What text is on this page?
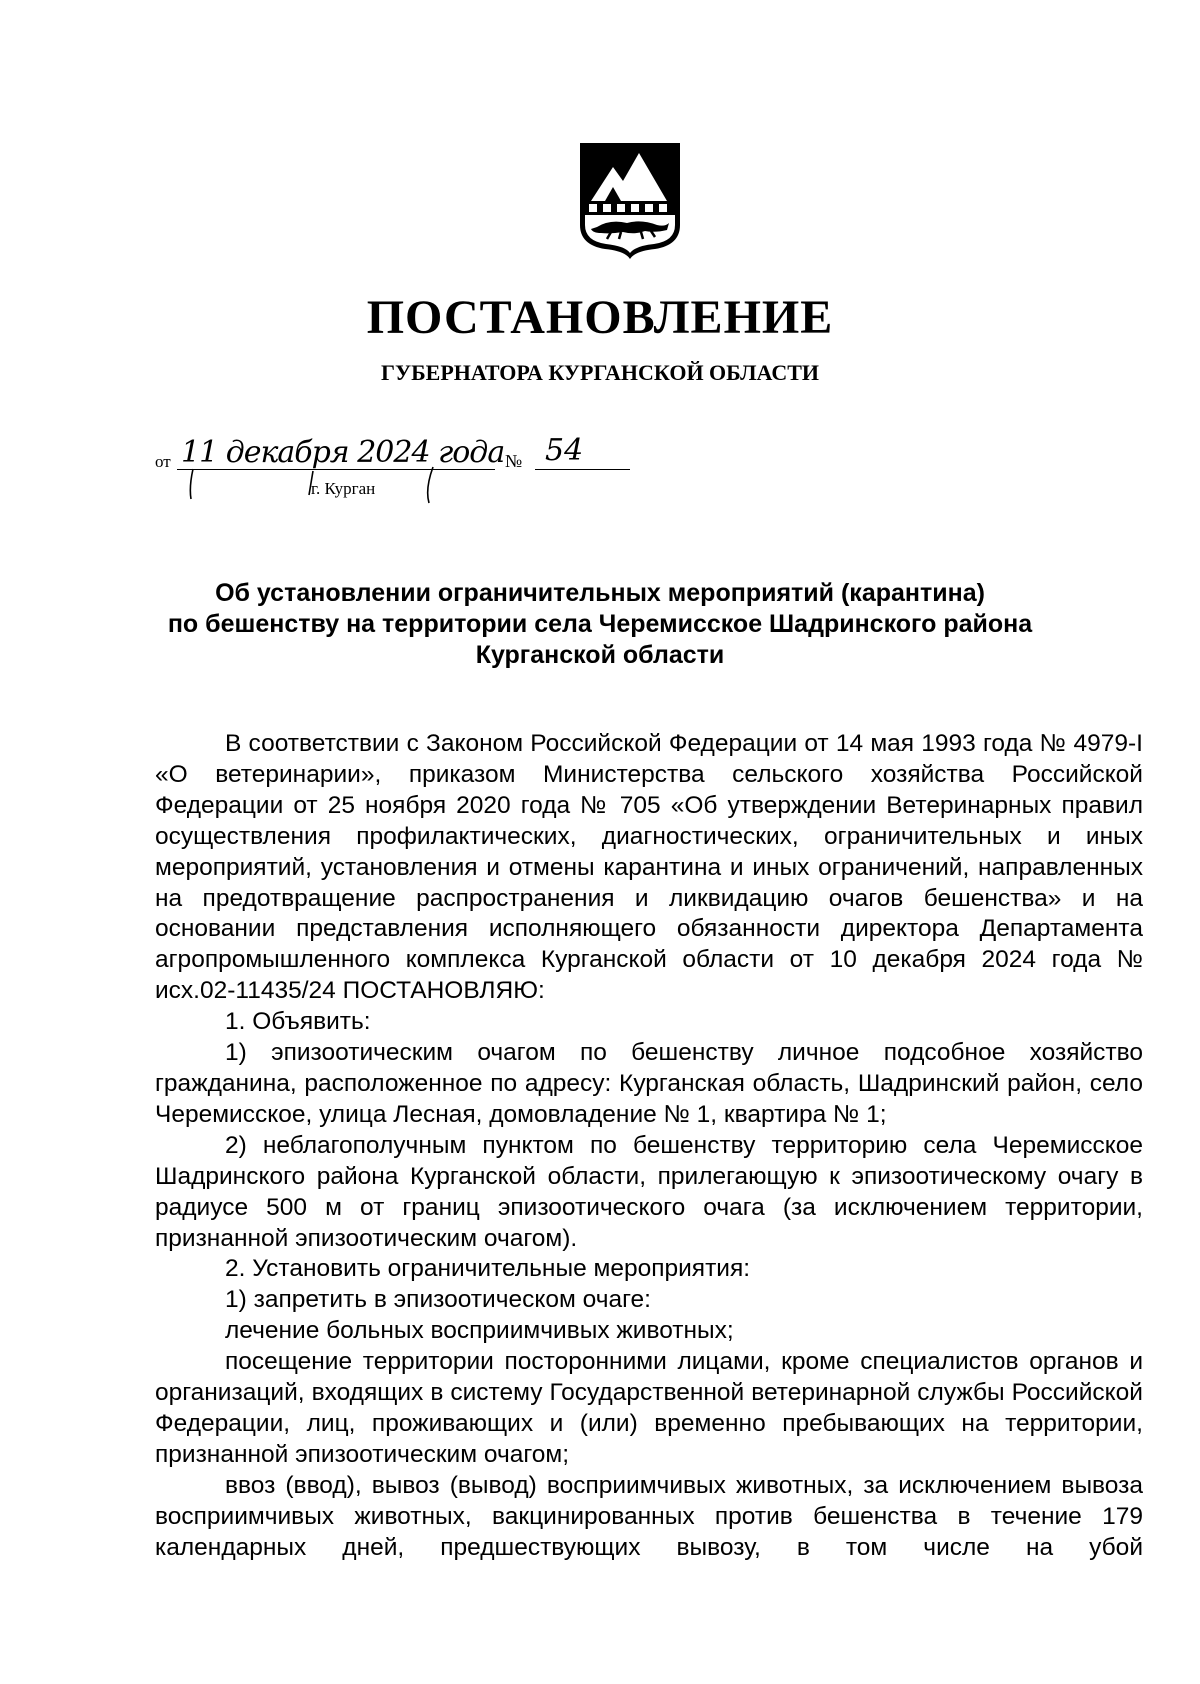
ПОСТАНОВЛЕНИЕ
ГУБЕРНАТОРА КУРГАНСКОЙ ОБЛАСТИ
от 11 декабря 2024 года № 54
г. Курган
Об установлении ограничительных мероприятий (карантина)
по бешенству на территории села Черемисское Шадринского района
Курганской области

В соответствии с Законом Российской Федерации от 14 мая 1993 года № 4979-I «О ветеринарии», приказом Министерства сельского хозяйства Российской Федерации от 25 ноября 2020 года № 705 «Об утверждении Ветеринарных правил осуществления профилактических, диагностических, ограничительных и иных мероприятий, установления и отмены карантина и иных ограничений, направленных на предотвращение распространения и ликвидацию очагов бешенства» и на основании представления исполняющего обязанности директора Департамента агропромышленного комплекса Курганской области от 10 декабря 2024 года № исх.02-11435/24 ПОСТАНОВЛЯЮ:

1. Объявить:

1) эпизоотическим очагом по бешенству личное подсобное хозяйство гражданина, расположенное по адресу: Курганская область, Шадринский район, село Черемисское, улица Лесная, домовладение № 1, квартира № 1;

2) неблагополучным пунктом по бешенству территорию села Черемисское Шадринского района Курганской области, прилегающую к эпизоотическому очагу в радиусе 500 м от границ эпизоотического очага (за исключением территории, признанной эпизоотическим очагом).

2. Установить ограничительные мероприятия:

1) запретить в эпизоотическом очаге:

лечение больных восприимчивых животных;

посещение территории посторонними лицами, кроме специалистов органов и организаций, входящих в систему Государственной ветеринарной службы Российской Федерации, лиц, проживающих и (или) временно пребывающих на территории, признанной эпизоотическим очагом;

ввоз (ввод), вывоз (вывод) восприимчивых животных, за исключением вывоза восприимчивых животных, вакцинированных против бешенства в течение 179 календарных дней, предшествующих вывозу, в том числе на убой
